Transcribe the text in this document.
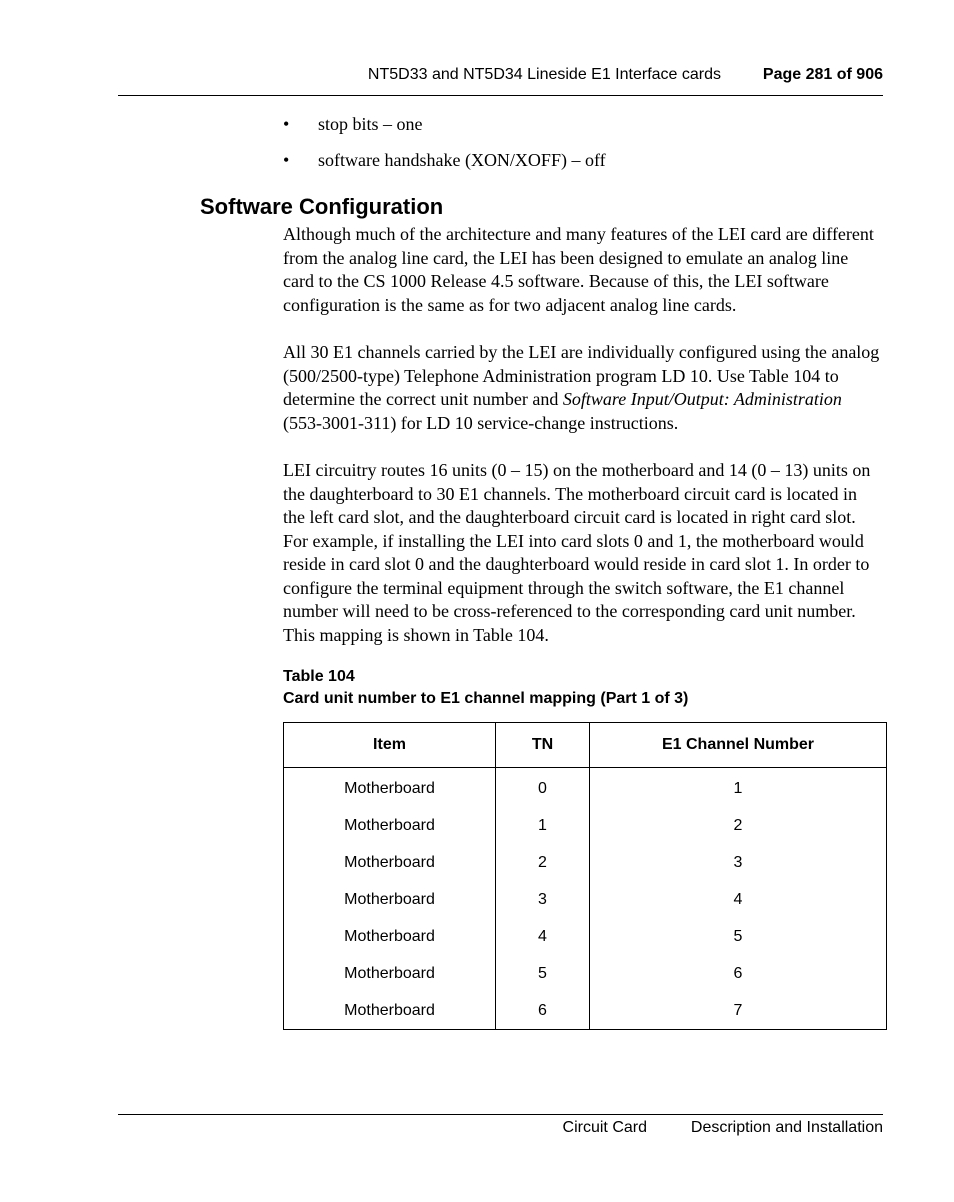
NT5D33 and NT5D34 Lineside E1 Interface cards	Page 281 of 906
• stop bits – one
• software handshake (XON/XOFF) – off
Software Configuration

Although much of the architecture and many features of the LEI card are different from the analog line card, the LEI has been designed to emulate an analog line card to the CS 1000 Release 4.5 software. Because of this, the LEI software configuration is the same as for two adjacent analog line cards.

All 30 E1 channels carried by the LEI are individually configured using the analog (500/2500-type) Telephone Administration program LD 10. Use Table 104 to determine the correct unit number and Software Input/Output: Administration (553-3001-311) for LD 10 service-change instructions.

LEI circuitry routes 16 units (0 – 15) on the motherboard and 14 (0 – 13) units on the daughterboard to 30 E1 channels. The motherboard circuit card is located in the left card slot, and the daughterboard circuit card is located in right card slot. For example, if installing the LEI into card slots 0 and 1, the motherboard would reside in card slot 0 and the daughterboard would reside in card slot 1. In order to configure the terminal equipment through the switch software, the E1 channel number will need to be cross-referenced to the corresponding card unit number. This mapping is shown in Table 104.

Table 104
Card unit number to E1 channel mapping (Part 1 of 3)
Item	TN	E1 Channel Number
Motherboard	0	1
Motherboard	1	2
Motherboard	2	3
Motherboard	3	4
Motherboard	4	5
Motherboard	5	6
Motherboard	6	7
Circuit Card	Description and Installation
